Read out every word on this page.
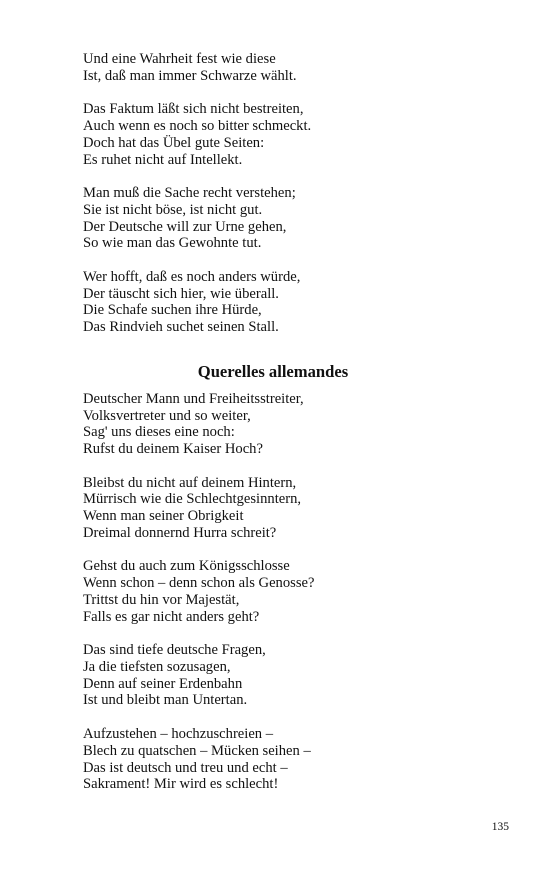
Und eine Wahrheit fest wie diese
Ist, daß man immer Schwarze wählt.
Das Faktum läßt sich nicht bestreiten,
Auch wenn es noch so bitter schmeckt.
Doch hat das Übel gute Seiten:
Es ruhet nicht auf Intellekt.
Man muß die Sache recht verstehen;
Sie ist nicht böse, ist nicht gut.
Der Deutsche will zur Urne gehen,
So wie man das Gewohnte tut.
Wer hofft, daß es noch anders würde,
Der täuscht sich hier, wie überall.
Die Schafe suchen ihre Hürde,
Das Rindvieh suchet seinen Stall.
Querelles allemandes
Deutscher Mann und Freiheitsstreiter,
Volksvertreter und so weiter,
Sag' uns dieses eine noch:
Rufst du deinem Kaiser Hoch?
Bleibst du nicht auf deinem Hintern,
Mürrisch wie die Schlechtgesinntern,
Wenn man seiner Obrigkeit
Dreimal donnernd Hurra schreit?
Gehst du auch zum Königsschlosse
Wenn schon – denn schon als Genosse?
Trittst du hin vor Majestät,
Falls es gar nicht anders geht?
Das sind tiefe deutsche Fragen,
Ja die tiefsten sozusagen,
Denn auf seiner Erdenbahn
Ist und bleibt man Untertan.
Aufzustehen – hochzuschreien –
Blech zu quatschen – Mücken seihen –
Das ist deutsch und treu und echt –
Sakrament! Mir wird es schlecht!
135
